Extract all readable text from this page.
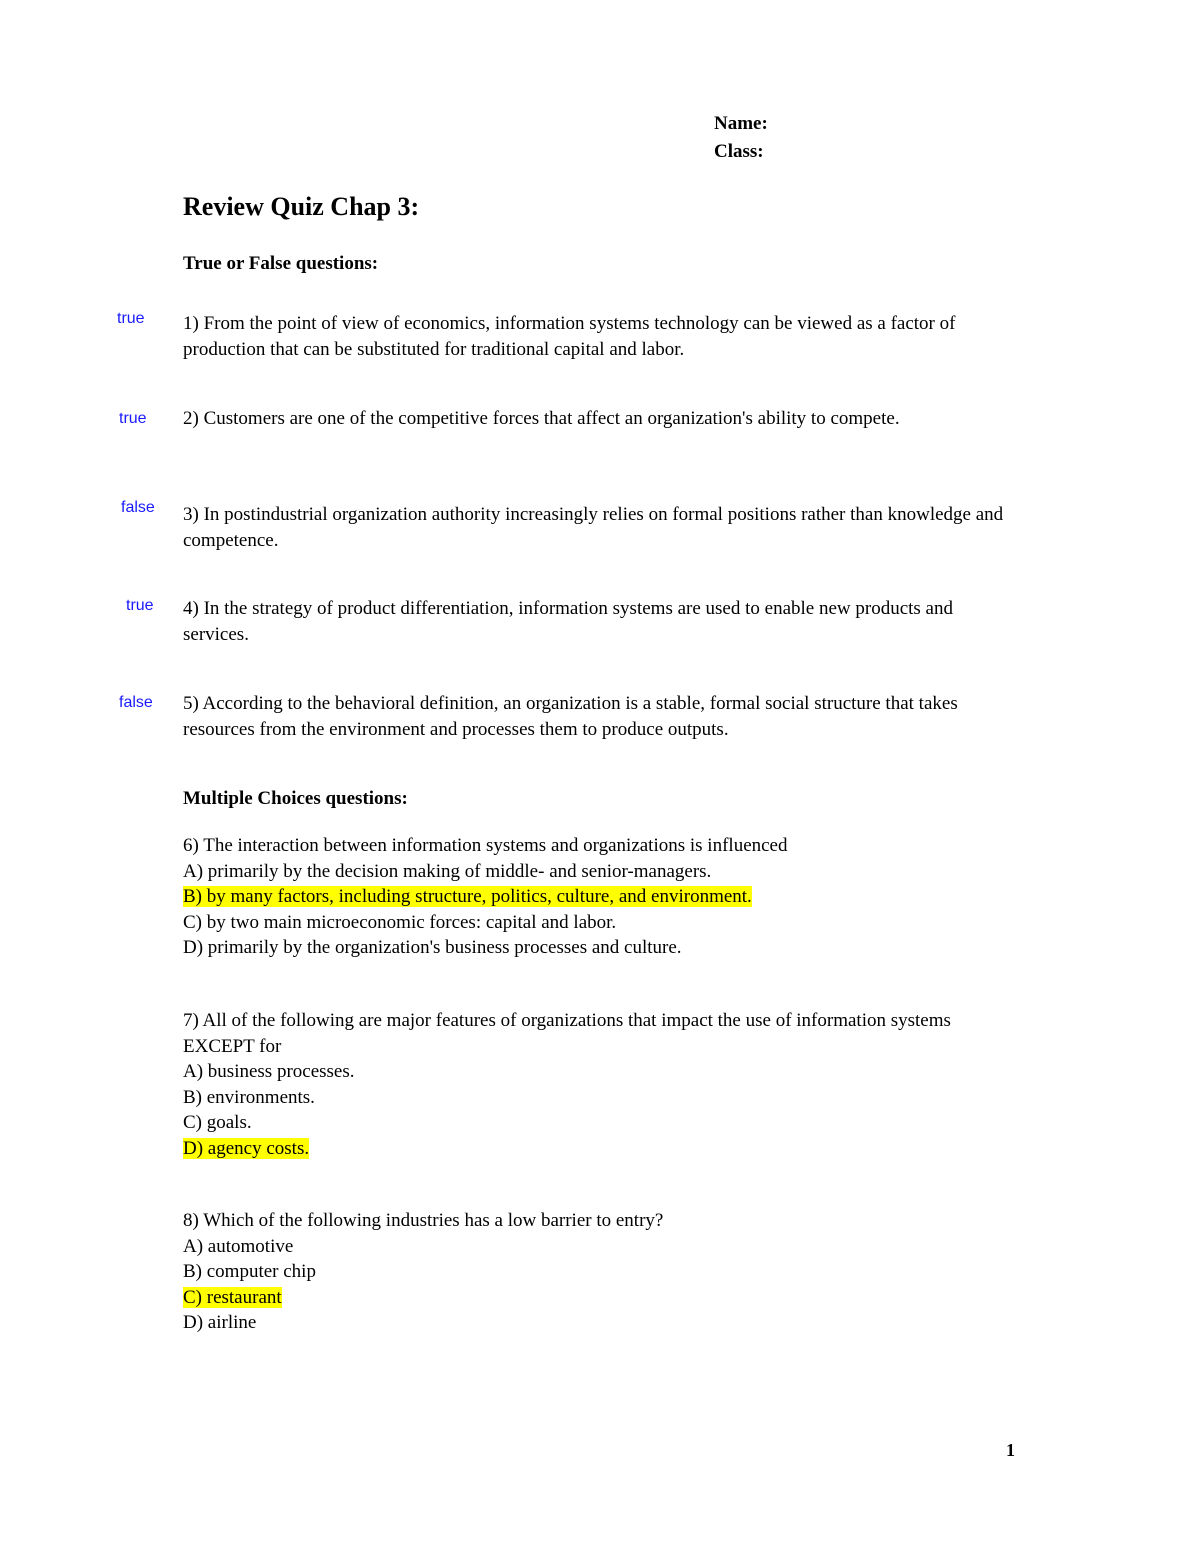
Name:
Class:
Review Quiz Chap 3:
True or False questions:
true 1) From the point of view of economics, information systems technology can be viewed as a factor of production that can be substituted for traditional capital and labor.
true 2) Customers are one of the competitive forces that affect an organization's ability to compete.
false 3) In postindustrial organization authority increasingly relies on formal positions rather than knowledge and competence.
true 4) In the strategy of product differentiation, information systems are used to enable new products and services.
false 5) According to the behavioral definition, an organization is a stable, formal social structure that takes resources from the environment and processes them to produce outputs.
Multiple Choices questions:
6) The interaction between information systems and organizations is influenced
A) primarily by the decision making of middle- and senior-managers.
B) by many factors, including structure, politics, culture, and environment.
C) by two main microeconomic forces: capital and labor.
D) primarily by the organization's business processes and culture.
7) All of the following are major features of organizations that impact the use of information systems EXCEPT for
A) business processes.
B) environments.
C) goals.
D) agency costs.
8) Which of the following industries has a low barrier to entry?
A) automotive
B) computer chip
C) restaurant
D) airline
1
